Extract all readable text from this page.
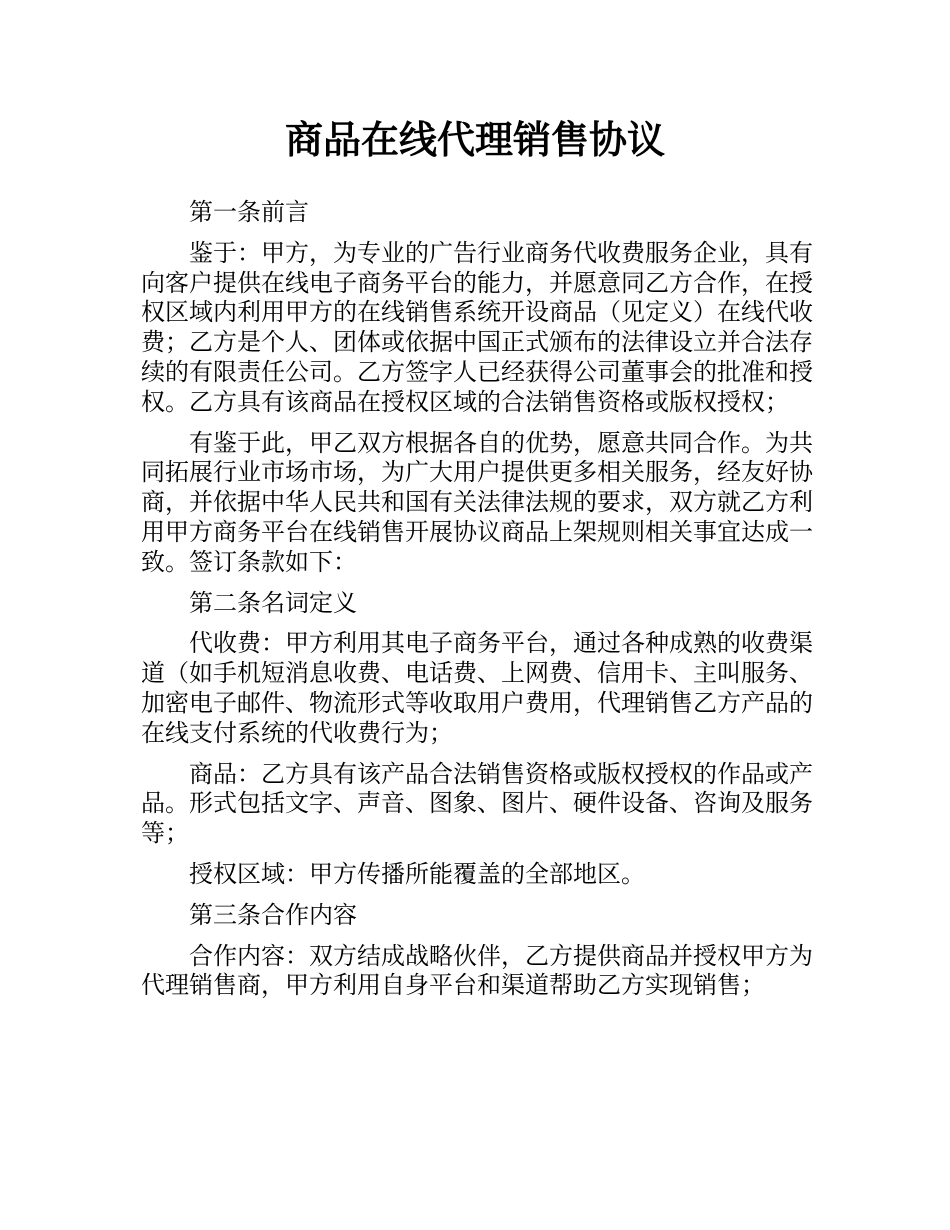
商品在线代理销售协议

第一条前言

鉴于：甲方，为专业的广告行业商务代收费服务企业，具有向客户提供在线电子商务平台的能力，并愿意同乙方合作，在授权区域内利用甲方的在线销售系统开设商品（见定义）在线代收费；乙方是个人、团体或依据中国正式颁布的法律设立并合法存续的有限责任公司。乙方签字人已经获得公司董事会的批准和授权。乙方具有该商品在授权区域的合法销售资格或版权授权；

有鉴于此，甲乙双方根据各自的优势，愿意共同合作。为共同拓展行业市场市场，为广大用户提供更多相关服务，经友好协商，并依据中华人民共和国有关法律法规的要求，双方就乙方利用甲方商务平台在线销售开展协议商品上架规则相关事宜达成一致。签订条款如下：

第二条名词定义

代收费：甲方利用其电子商务平台，通过各种成熟的收费渠道（如手机短消息收费、电话费、上网费、信用卡、主叫服务、加密电子邮件、物流形式等收取用户费用，代理销售乙方产品的在线支付系统的代收费行为；

商品：乙方具有该产品合法销售资格或版权授权的作品或产品。形式包括文字、声音、图象、图片、硬件设备、咨询及服务等；

授权区域：甲方传播所能覆盖的全部地区。

第三条合作内容

合作内容：双方结成战略伙伴，乙方提供商品并授权甲方为代理销售商，甲方利用自身平台和渠道帮助乙方实现销售；
